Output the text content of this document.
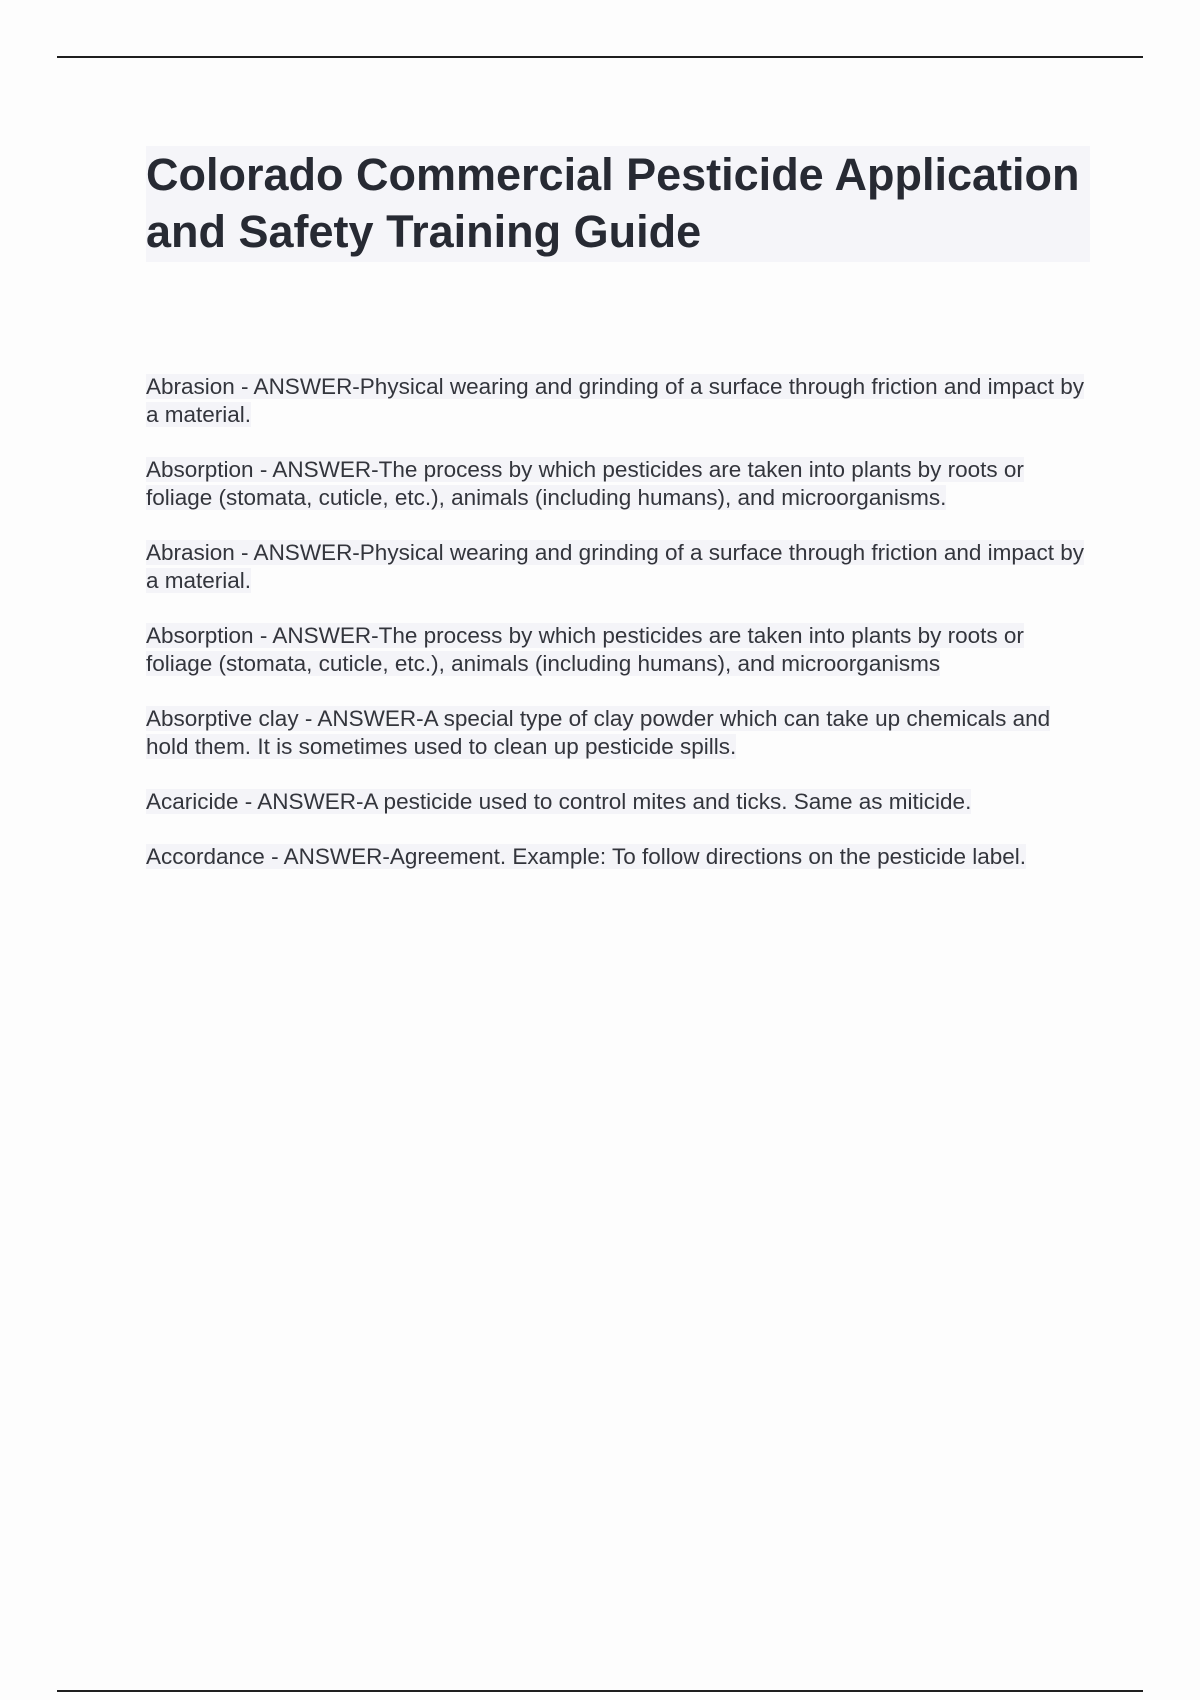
Colorado Commercial Pesticide Application and Safety Training Guide

Abrasion - ANSWER-Physical wearing and grinding of a surface through friction and impact by a material.

Absorption - ANSWER-The process by which pesticides are taken into plants by roots or foliage (stomata, cuticle, etc.), animals (including humans), and microorganisms.

Abrasion - ANSWER-Physical wearing and grinding of a surface through friction and impact by a material.

Absorption - ANSWER-The process by which pesticides are taken into plants by roots or foliage (stomata, cuticle, etc.), animals (including humans), and microorganisms

Absorptive clay - ANSWER-A special type of clay powder which can take up chemicals and hold them. It is sometimes used to clean up pesticide spills.

Acaricide - ANSWER-A pesticide used to control mites and ticks. Same as miticide.

Accordance - ANSWER-Agreement. Example: To follow directions on the pesticide label.
